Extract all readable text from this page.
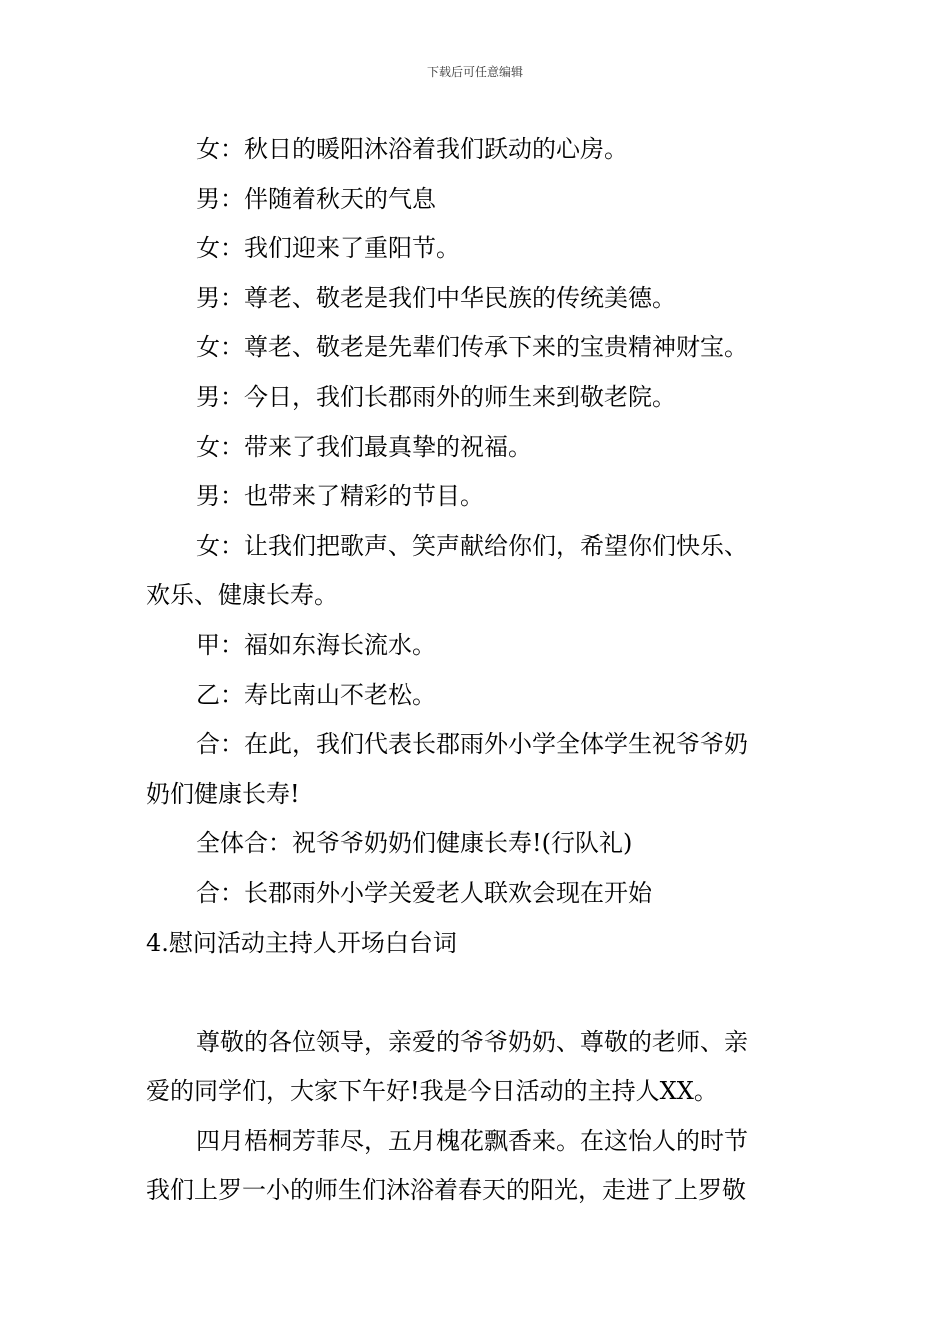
下载后可任意编辑
女：秋日的暖阳沐浴着我们跃动的心房。
男：伴随着秋天的气息
女：我们迎来了重阳节。
男：尊老、敬老是我们中华民族的传统美德。
女：尊老、敬老是先辈们传承下来的宝贵精神财宝。
男：今日，我们长郡雨外的师生来到敬老院。
女：带来了我们最真挚的祝福。
男：也带来了精彩的节目。
女：让我们把歌声、笑声献给你们，希望你们快乐、
欢乐、健康长寿。
甲：福如东海长流水。
乙：寿比南山不老松。
合：在此，我们代表长郡雨外小学全体学生祝爷爷奶
奶们健康长寿!
全体合：祝爷爷奶奶们健康长寿!(行队礼)
合：长郡雨外小学关爱老人联欢会现在开始
4.慰问活动主持人开场白台词
尊敬的各位领导，亲爱的爷爷奶奶、尊敬的老师、亲
爱的同学们，大家下午好!我是今日活动的主持人XX。
四月梧桐芳菲尽，五月槐花飘香来。在这怡人的时节
我们上罗一小的师生们沐浴着春天的阳光，走进了上罗敬
